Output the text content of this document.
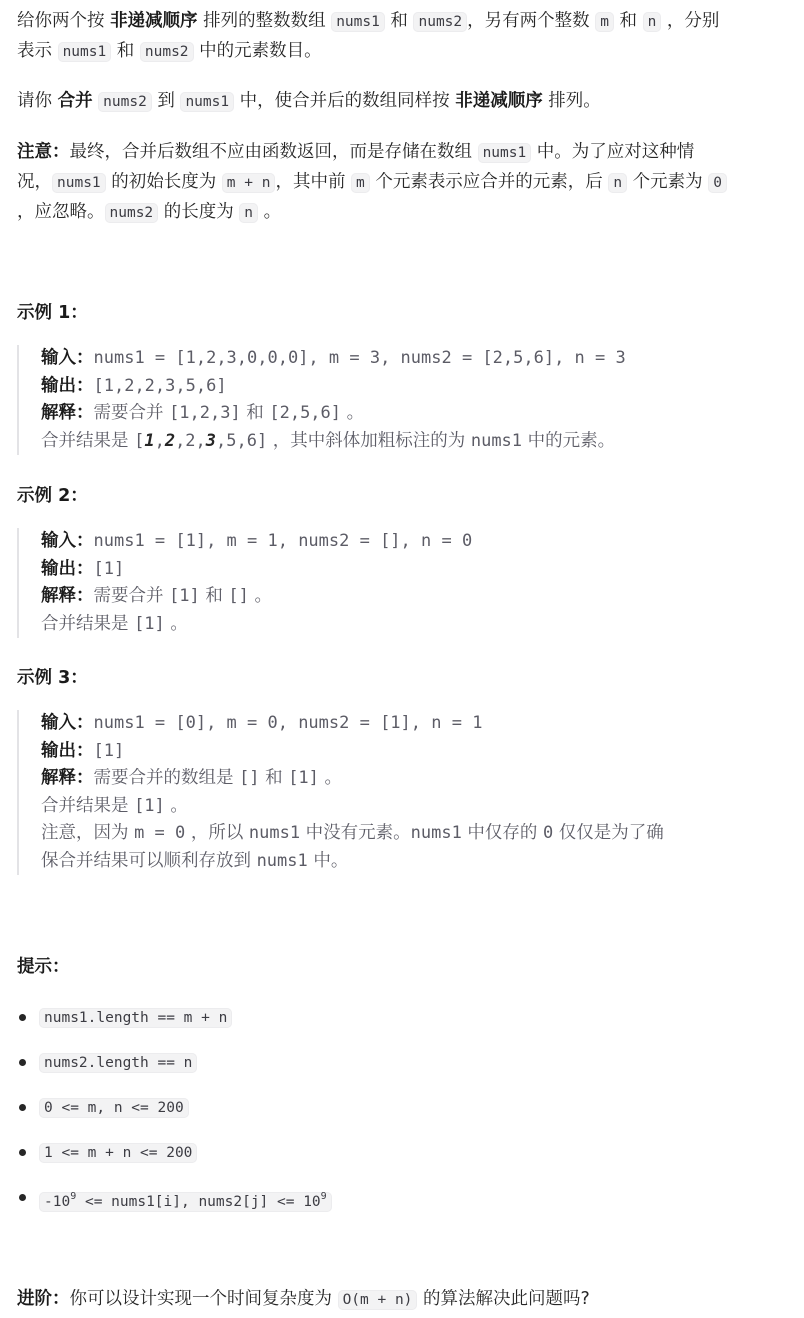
给你两个按 非递减顺序 排列的整数数组 nums1 和 nums2 ，另有两个整数 m 和 n ，分别
表示 nums1 和 nums2 中的元素数目。
请你 合并 nums2 到 nums1 中，使合并后的数组同样按 非递减顺序 排列。
注意：最终，合并后数组不应由函数返回，而是存储在数组 nums1 中。为了应对这种情
况， nums1 的初始长度为 m + n ，其中前 m 个元素表示应合并的元素，后 n 个元素为 0
，应忽略。 nums2 的长度为 n 。
示例 1：
输入：nums1 = [1,2,3,0,0,0], m = 3, nums2 = [2,5,6], n = 3
输出：[1,2,2,3,5,6]
解释：需要合并 [1,2,3] 和 [2,5,6] 。
合并结果是 [1,2,2,3,5,6] ，其中斜体加粗标注的为 nums1 中的元素。
示例 2：
输入：nums1 = [1], m = 1, nums2 = [], n = 0
输出：[1]
解释：需要合并 [1] 和 [] 。
合并结果是 [1] 。
示例 3：
输入：nums1 = [0], m = 0, nums2 = [1], n = 1
输出：[1]
解释：需要合并的数组是 [] 和 [1] 。
合并结果是 [1] 。
注意，因为 m = 0 ，所以 nums1 中没有元素。nums1 中仅存的 0 仅仅是为了确
保合并结果可以顺利存放到 nums1 中。
提示：
nums1.length == m + n
nums2.length == n
0 <= m, n <= 200
1 <= m + n <= 200
$-10^9$ <= nums1[i], nums2[j] <= $10^9$
进阶：你可以设计实现一个时间复杂度为 O(m + n) 的算法解决此问题吗?
